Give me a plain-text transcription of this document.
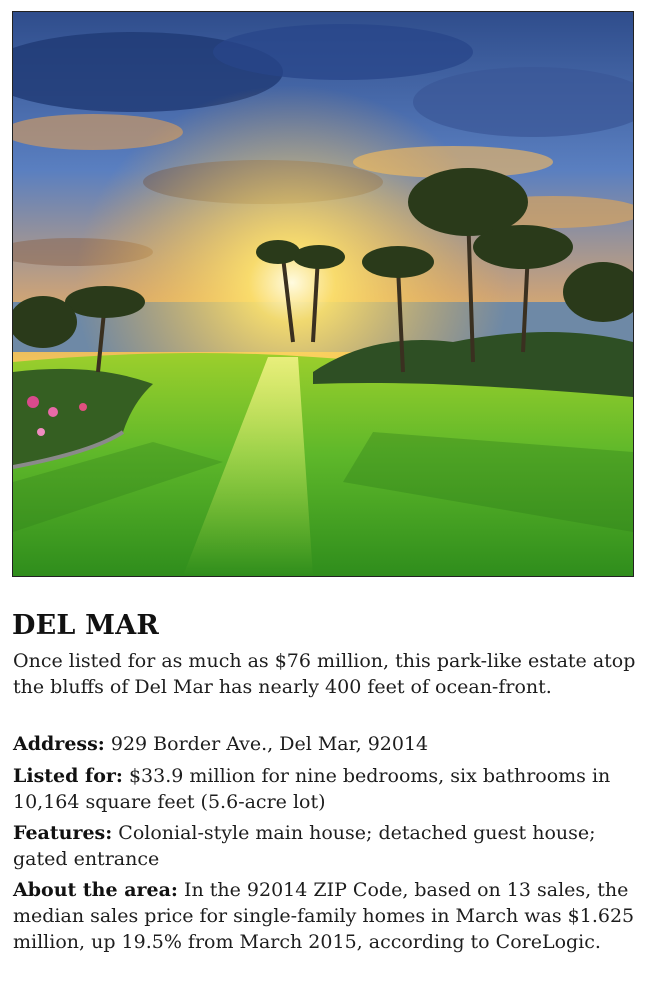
DEL MAR

Once listed for as much as $76 million, this park-like estate atop the bluffs of Del Mar has nearly 400 feet of ocean-front.

Address: 929 Border Ave., Del Mar, 92014

Listed for: $33.9 million for nine bedrooms, six bathrooms in 10,164 square feet (5.6-acre lot)

Features: Colonial-style main house; detached guest house; gated entrance

About the area: In the 92014 ZIP Code, based on 13 sales, the median sales price for single-family homes in March was $1.625 million, up 19.5% from March 2015, according to CoreLogic.
